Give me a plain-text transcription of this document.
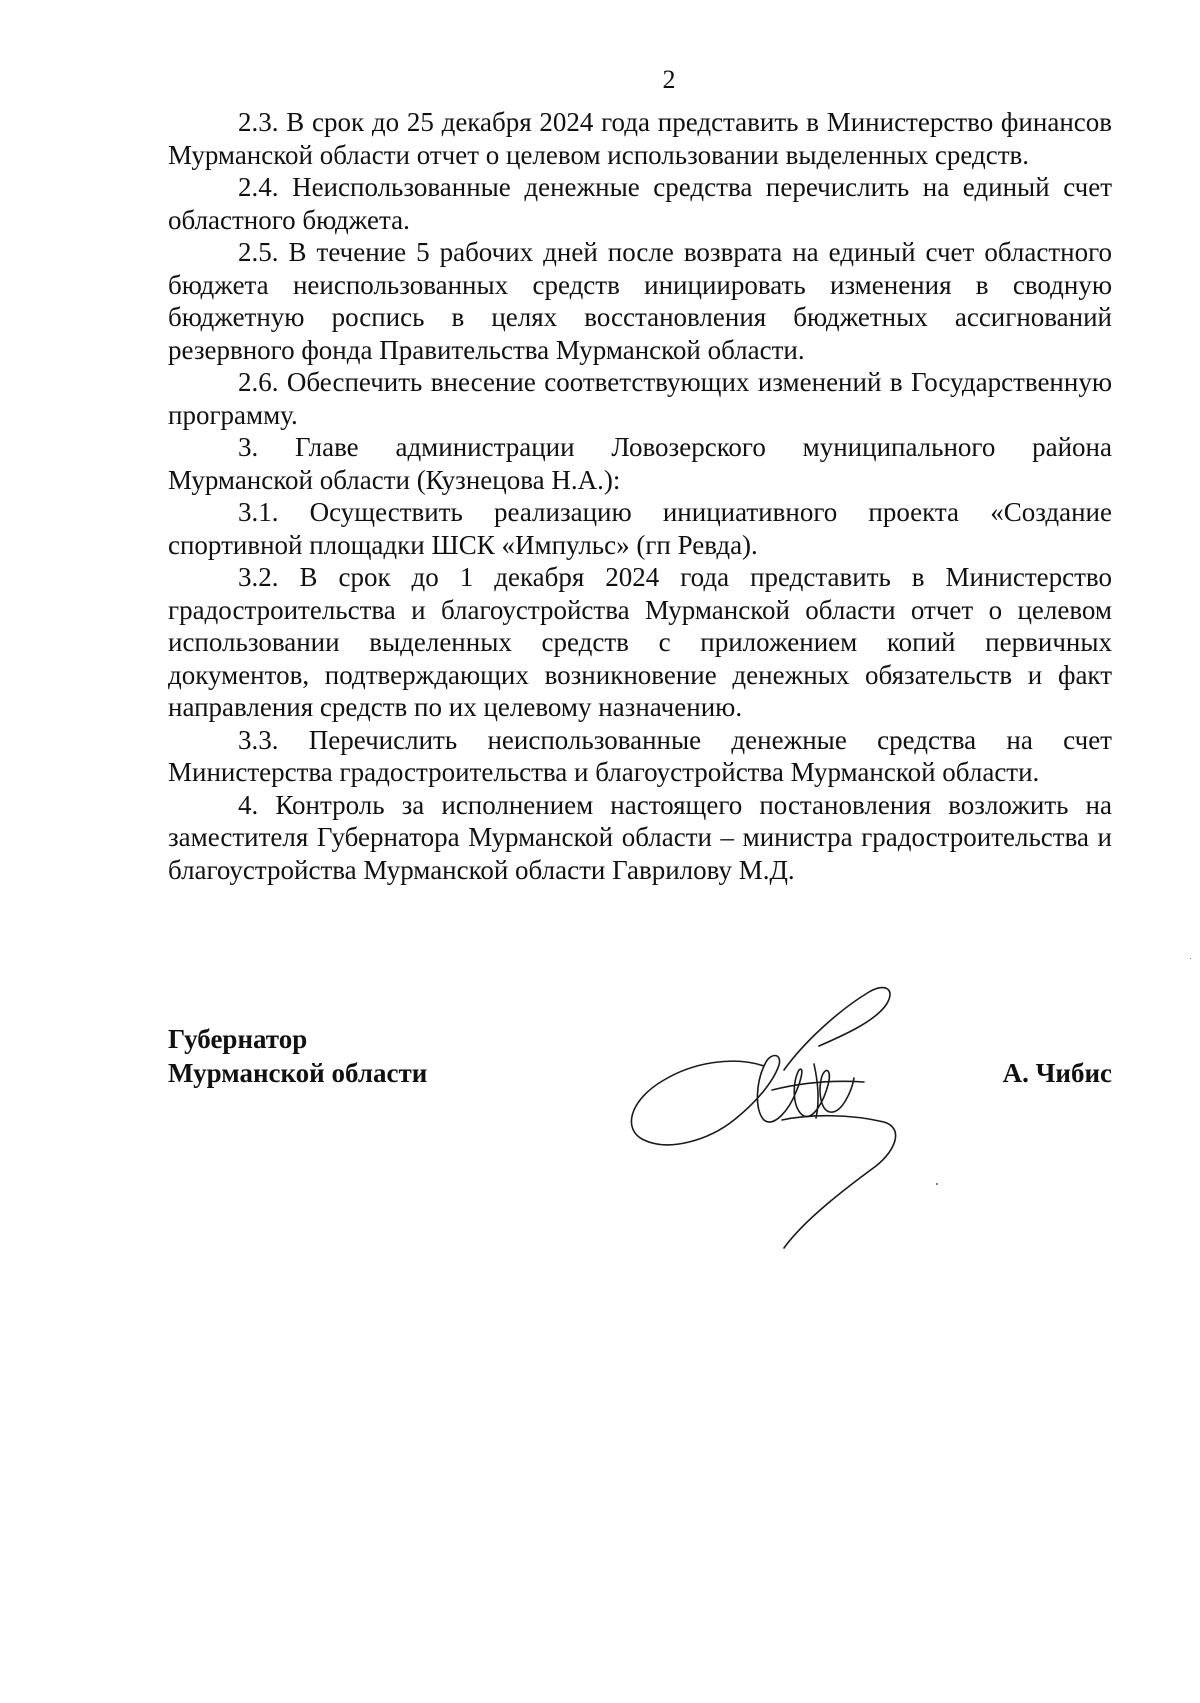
2

2.3. В срок до 25 декабря 2024 года представить в Министерство финансов Мурманской области отчет о целевом использовании выделенных средств.

2.4. Неиспользованные денежные средства перечислить на единый счет областного бюджета.

2.5. В течение 5 рабочих дней после возврата на единый счет областного бюджета неиспользованных средств инициировать изменения в сводную бюджетную роспись в целях восстановления бюджетных ассигнований резервного фонда Правительства Мурманской области.

2.6. Обеспечить внесение соответствующих изменений в Государственную программу.

3. Главе администрации Ловозерского муниципального района Мурманской области (Кузнецова Н.А.):

3.1. Осуществить реализацию инициативного проекта «Создание спортивной площадки ШСК «Импульс» (гп Ревда).

3.2. В срок до 1 декабря 2024 года представить в Министерство градостроительства и благоустройства Мурманской области отчет о целевом использовании выделенных средств с приложением копий первичных документов, подтверждающих возникновение денежных обязательств и факт направления средств по их целевому назначению.

3.3. Перечислить неиспользованные денежные средства на счет Министерства градостроительства и благоустройства Мурманской области.

4. Контроль за исполнением настоящего постановления возложить на заместителя Губернатора Мурманской области – министра градостроительства и благоустройства Мурманской области Гаврилову М.Д.

Губернатор
Мурманской области	А. Чибис
